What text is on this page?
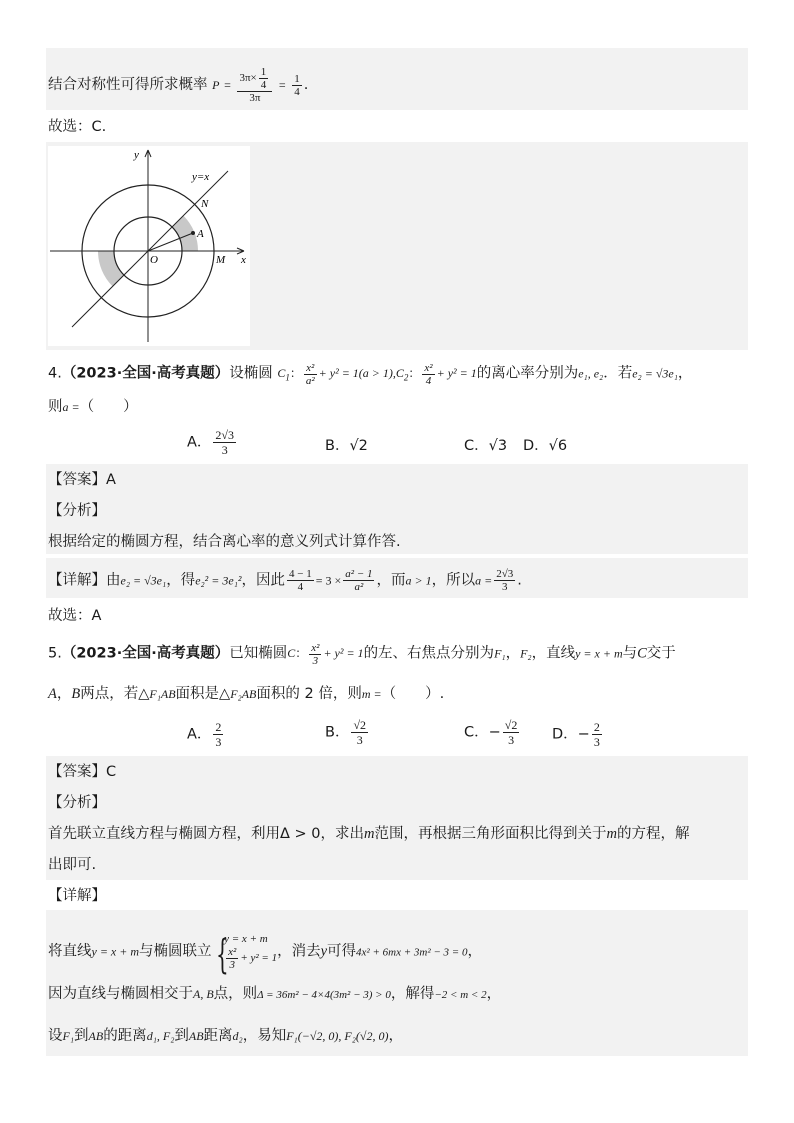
结合对称性可得所求概率 $P = \frac{3\pi\times \frac{1}{4}}{3\pi} = \frac{1}{4}$ .
故选：C.
y
y=x
N
A
O	M x
4.（2023·全国·高考真题）设椭圆 $C_1$： $\frac{\text{x²}}{\text{a²}} + y^2 = 1(a > 1),C_2$： $\frac{\text{x²}}{4} + y^2 = 1$的离心率分别为e₁, e₂．若e₂ = √3e₁，
则a =（　　）
A． $\frac{2√3}{3}$	B．√2	C．√3 D．√6
【答案】A
【分析】
根据给定的椭圆方程，结合离心率的意义列式计算作答.
【详解】由e₂ = √3e₁，得e₂² = 3e₁²，因此 $\frac{4 - 1}{4} = 3 \times \frac{\text{a² − 1}}{\text{a²}}$ ，而a > 1，所以$a = \frac{2√3}{3}$ .
故选：A
5.（2023·全国·高考真题）已知椭圆C： $\frac{\text{x²}}{3} + y^2 = 1$的左、右焦点分别为F₁，F₂，直线y = x + m与C交于
A，B两点，若△F₁AB面积是△F₂AB面积的 2 倍，则m =（　　）.
A． $\frac{2}{3}$	B． $\frac{√2}{3}$	C．− $\frac{√2}{3}$ D．− $\frac{2}{3}$
【答案】C
【分析】
首先联立直线方程与椭圆方程，利用Δ > 0，求出m范围，再根据三角形面积比得到关于m的方程，解
出即可.
【详解】
将直线y = x + m与椭圆联立 {
y = x + m
$\frac{\text{x²}}{3} + y^2 = 1$ ，消去y可得4x² + 6mx + 3m² − 3 = 0，
因为直线与椭圆相交于A, B点，则Δ = 36m² − 4×4(3m² − 3) > 0，解得−2 < m < 2，
设F₁到AB的距离d₁, F₂到AB距离d₂，易知F₁(−√2, 0), F₂(√2, 0)，
